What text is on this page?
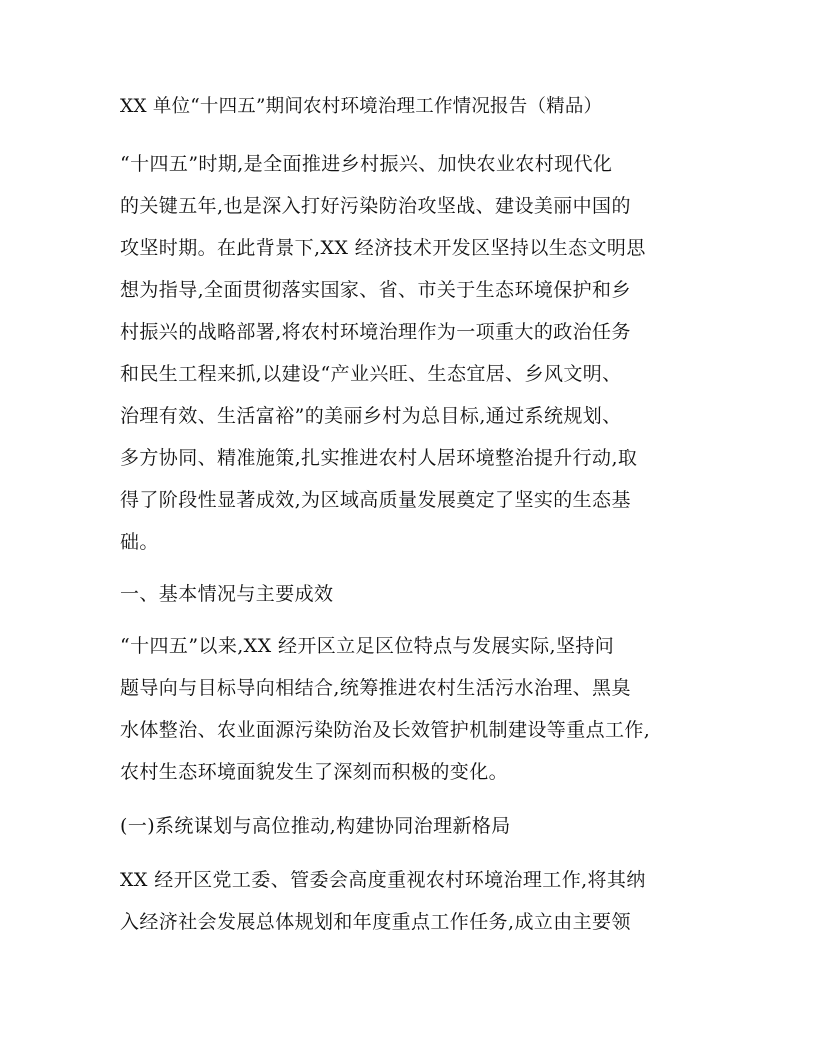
XX 单位“十四五”期间农村环境治理工作情况报告（精品）
“十四五”时期,是全面推进乡村振兴、加快农业农村现代化
的关键五年,也是深入打好污染防治攻坚战、建设美丽中国的
攻坚时期。在此背景下,XX 经济技术开发区坚持以生态文明思
想为指导,全面贯彻落实国家、省、市关于生态环境保护和乡
村振兴的战略部署,将农村环境治理作为一项重大的政治任务
和民生工程来抓,以建设“产业兴旺、生态宜居、乡风文明、
治理有效、生活富裕”的美丽乡村为总目标,通过系统规划、
多方协同、精准施策,扎实推进农村人居环境整治提升行动,取
得了阶段性显著成效,为区域高质量发展奠定了坚实的生态基
础。
一、基本情况与主要成效
“十四五”以来,XX 经开区立足区位特点与发展实际,坚持问
题导向与目标导向相结合,统筹推进农村生活污水治理、黑臭
水体整治、农业面源污染防治及长效管护机制建设等重点工作,
农村生态环境面貌发生了深刻而积极的变化。
(一)系统谋划与高位推动,构建协同治理新格局
XX 经开区党工委、管委会高度重视农村环境治理工作,将其纳
入经济社会发展总体规划和年度重点工作任务,成立由主要领
